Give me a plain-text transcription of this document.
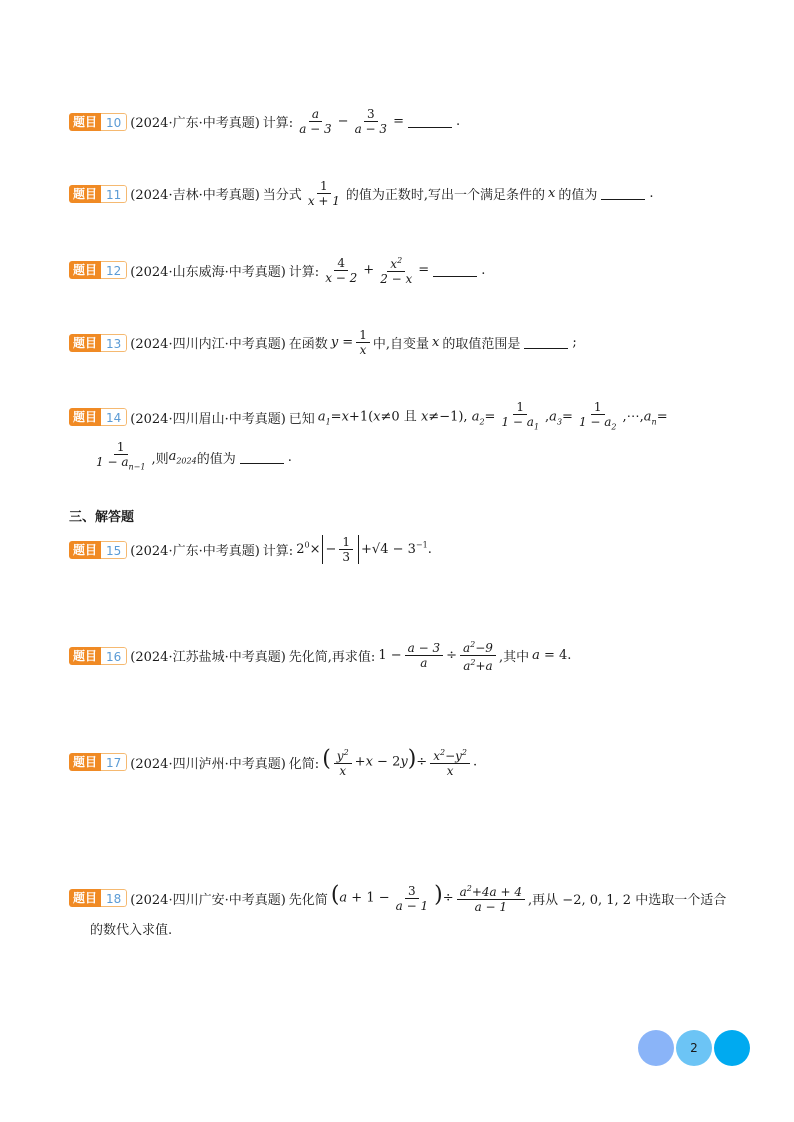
题目 10 (2024·广东·中考真题) 计算: $\frac{a}{a - 3} - \frac{3}{a - 3}$ =	.
题目 11 (2024·吉林·中考真题) 当分式 $\frac{1}{x + 1}$ 的值为正数时,写出一个满足条件的 x 的值为	.
题目 12 (2024·山东威海·中考真题) 计算: $\frac{4}{x - 2} + \frac{x^2}{2 - x}$ =	.
题目 13 (2024·四川内江·中考真题) 在函数 $y = \frac{1}{x}$ 中,自变量 x 的取值范围是	;
题目 14 (2024·四川眉山·中考真题) 已知 $a_1=x+1(x\ne 0$ 且 x≠−1), $a_2= \frac{1}{1 - a_1} ,a_3= \frac{1}{1 - a_2}$ $,\cdots,a_n=$
$\frac{1}{1 - a_{n-1}}$ ,则 $a_{2024}$ 的值为	.
三、解答题
题目 15 (2024·广东·中考真题) 计算: $2^0\times - \frac{1}{3} +√4 - 3^{-1}$.
题目 16 (2024·江苏盐城·中考真题) 先化简,再求值: $1 - \frac{a - 3}{a} \div \frac{a^2-9}{a^2+a}$ ,其中 a = 4.
题目 17 (2024·四川泸州·中考真题) 化简: ( $\frac{y^2}{x} +x - 2y)\div \frac{x^2-y^2}{x}$ .
题目 18 (2024·四川广安·中考真题) 先化简 ($a + 1 - \frac{3}{a - 1}$ )÷ $\frac{a^2+4a + 4}{a - 1}$ ,再从 −2, 0, 1, 2 中选取一个适合
的数代入求值.
2
